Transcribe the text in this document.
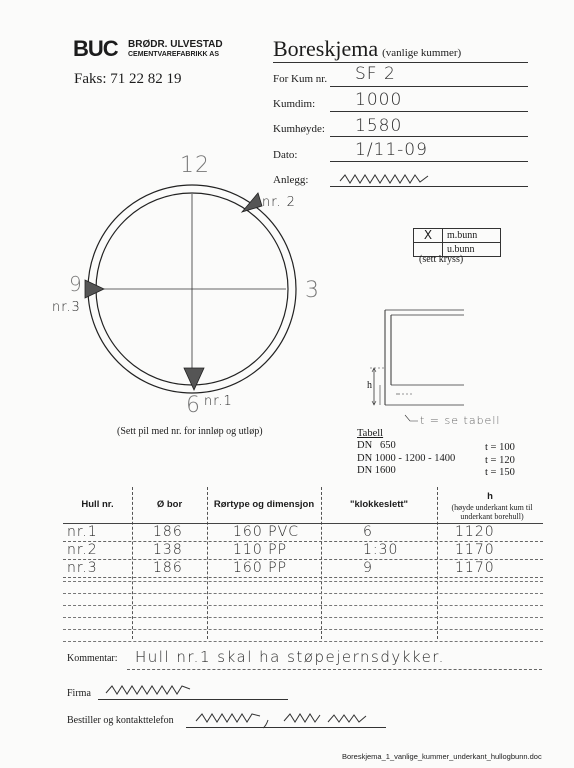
BUC BRØDR. ULVESTAD
CEMENTVAREFABRIKK AS
Faks: 71 22 82 19
Boreskjema (vanlige kummer)
For Kum nr. SF 2
Kumdim: 1000
Kumhøyde: 1580
Dato:	1/11-09
Anlegg:
12
3
6
9
nr. 2
nr.3
nr.1
(Sett pil med nr. for innløp og utløp)
X	m.bunn
	u.bunn
(sett kryss)
h
t = se tabell
Tabell
DN   650	t = 100
DN 1000 - 1200 - 1400	t = 120
DN 1600	t = 150
Hull nr.	Ø bor	Rørtype og dimensjon	"klokkeslett"
h
(høyde underkant kum til underkant borehull)
nr.1	186	160 PVC	6	1120
nr.2	138	110 PP	1:30	1170
nr.3	186	160 PP	9	1170
Kommentar: Hull nr.1 skal ha støpejernsdykker.
Firma
Bestiller og kontakttelefon
Boreskjema_1_vanlige_kummer_underkant_hullogbunn.doc
